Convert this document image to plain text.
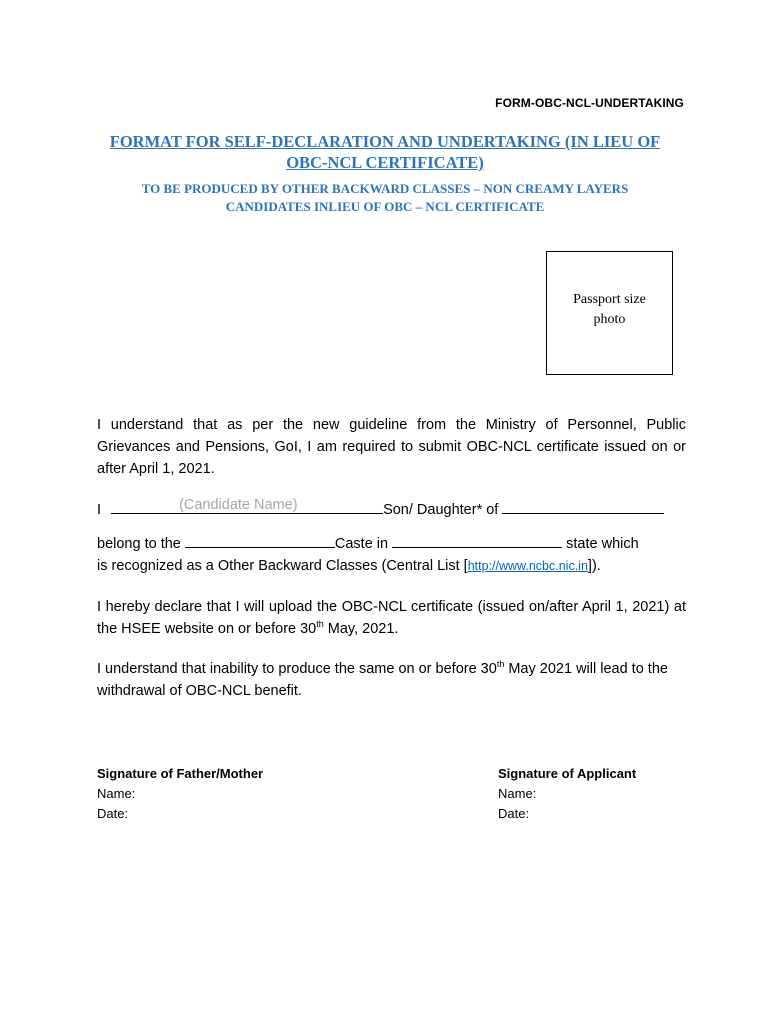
FORM-OBC-NCL-UNDERTAKING
FORMAT FOR SELF-DECLARATION AND UNDERTAKING (IN LIEU OF
OBC-NCL CERTIFICATE)
TO BE PRODUCED BY OTHER BACKWARD CLASSES – NON CREAMY LAYERS
CANDIDATES INLIEU OF OBC – NCL CERTIFICATE
Passport size
photo
I understand that as per the new guideline from the Ministry of Personnel, Public Grievances and Pensions, GoI, I am required to submit OBC-NCL certificate issued on or after April 1, 2021.
I	(Candidate Name)	Son/ Daughter* of
belong to the	Caste in	state which
is recognized as a Other Backward Classes (Central List [http://www.ncbc.nic.in]).
I hereby declare that I will upload the OBC-NCL certificate (issued on/after April 1, 2021) at the HSEE website on or before 30th May, 2021.
I understand that inability to produce the same on or before 30th May 2021 will lead to the withdrawal of OBC-NCL benefit.
Signature of Father/Mother
Name:
Date:
Signature of Applicant
Name:
Date:
